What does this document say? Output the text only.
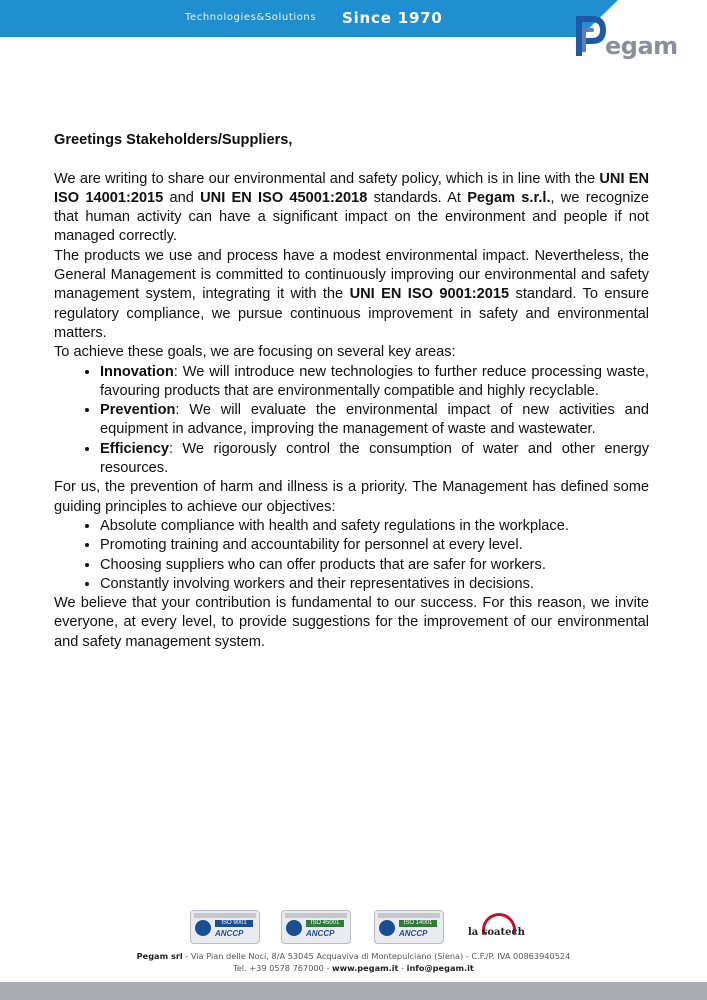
Technologies&Solutions Since 1970
egam

Greetings Stakeholders/Suppliers,

We are writing to share our environmental and safety policy, which is in line with the UNI EN ISO 14001:2015 and UNI EN ISO 45001:2018 standards. At Pegam s.r.l., we recognize that human activity can have a significant impact on the environment and people if not managed correctly.

The products we use and process have a modest environmental impact. Nevertheless, the General Management is committed to continuously improving our environmental and safety management system, integrating it with the UNI EN ISO 9001:2015 standard. To ensure regulatory compliance, we pursue continuous improvement in safety and environmental matters.

To achieve these goals, we are focusing on several key areas:

• Innovation: We will introduce new technologies to further reduce processing waste, favouring products that are environmentally compatible and highly recyclable.
• Prevention: We will evaluate the environmental impact of new activities and equipment in advance, improving the management of waste and wastewater.
• Efficiency: We rigorously control the consumption of water and other energy resources.

For us, the prevention of harm and illness is a priority. The Management has defined some guiding principles to achieve our objectives:

• Absolute compliance with health and safety regulations in the workplace.
• Promoting training and accountability for personnel at every level.
• Choosing suppliers who can offer products that are safer for workers.
• Constantly involving workers and their representatives in decisions.

We believe that your contribution is fundamental to our success. For this reason, we invite everyone, at every level, to provide suggestions for the improvement of our environmental and safety management system.

ISO 9001
ANCCP
ISO 45001
ANCCP
ISO 14001
ANCCP	la soatech
Pegam srl - Via Pian delle Noci, 8/A 53045 Acquaviva di Montepulciano (Siena) - C.F./P. IVA 00863940524
Tel. +39 0578 767000 - www.pegam.it - info@pegam.it
